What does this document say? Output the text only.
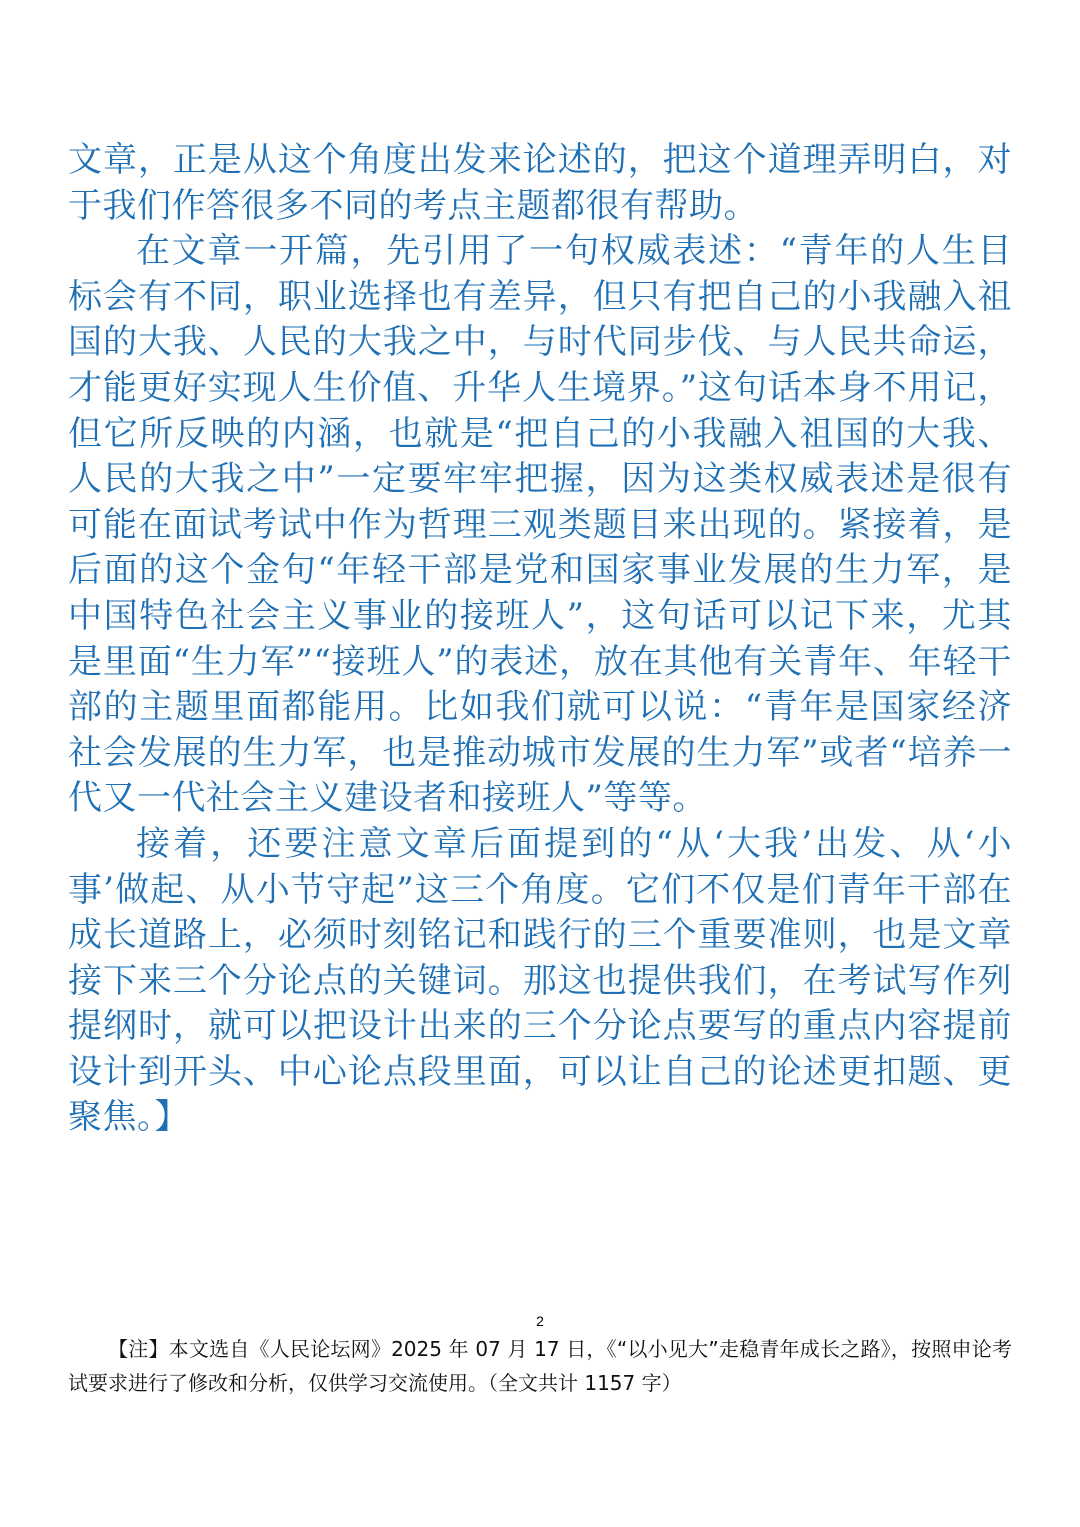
文章，正是从这个角度出发来论述的，把这个道理弄明白，对于我们作答很多不同的考点主题都很有帮助。

在文章一开篇，先引用了一句权威表述：“青年的人生目标会有不同，职业选择也有差异，但只有把自己的小我融入祖国的大我、人民的大我之中，与时代同步伐、与人民共命运，才能更好实现人生价值、升华人生境界。”这句话本身不用记，但它所反映的内涵，也就是“把自己的小我融入祖国的大我、人民的大我之中”一定要牢牢把握，因为这类权威表述是很有可能在面试考试中作为哲理三观类题目来出现的。紧接着，是后面的这个金句“年轻干部是党和国家事业发展的生力军，是中国特色社会主义事业的接班人”，这句话可以记下来，尤其是里面“生力军”“接班人”的表述，放在其他有关青年、年轻干部的主题里面都能用。比如我们就可以说：“青年是国家经济社会发展的生力军，也是推动城市发展的生力军”或者“培养一代又一代社会主义建设者和接班人”等等。

接着，还要注意文章后面提到的“从‘大我’出发、从‘小事’做起、从小节守起”这三个角度。它们不仅是们青年干部在成长道路上，必须时刻铭记和践行的三个重要准则，也是文章接下来三个分论点的关键词。那这也提供我们，在考试写作列提纲时，就可以把设计出来的三个分论点要写的重点内容提前设计到开头、中心论点段里面，可以让自己的论述更扣题、更聚焦。】

2
【注】本文选自《人民论坛网》2025 年 07 月 17 日，《“以小见大”走稳青年成长之路》，按照申论考试要求进行了修改和分析，仅供学习交流使用。（全文共计 1157 字）
